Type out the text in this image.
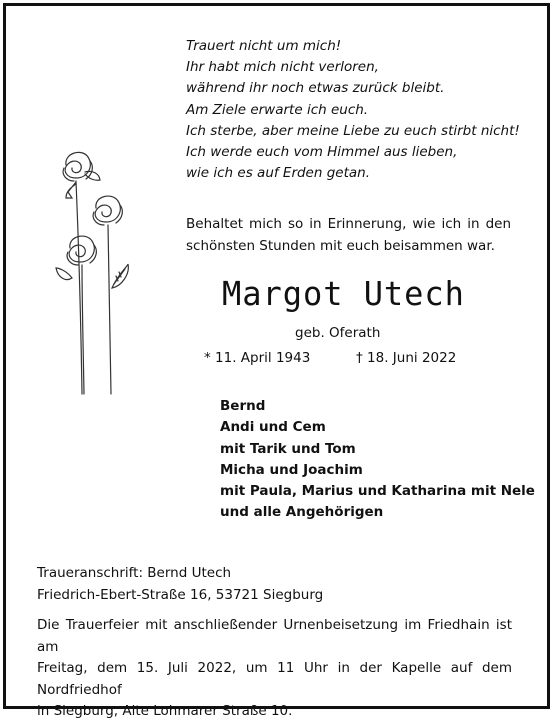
Trauert nicht um mich!
Ihr habt mich nicht verloren,
während ihr noch etwas zurück bleibt.
Am Ziele erwarte ich euch.
Ich sterbe, aber meine Liebe zu euch stirbt nicht!
Ich werde euch vom Himmel aus lieben,
wie ich es auf Erden getan.
Behaltet mich so in Erinnerung, wie ich in den
schönsten Stunden mit euch beisammen war.
Margot Utech
geb. Oferath
* 11. April 1943	† 18. Juni 2022
Bernd
Andi und Cem
mit Tarik und Tom
Micha und Joachim
mit Paula, Marius und Katharina mit Nele
und alle Angehörigen
Traueranschrift: Bernd Utech
Friedrich-Ebert-Straße 16, 53721 Siegburg
Die Trauerfeier mit anschließender Urnenbeisetzung im Friedhain ist am
Freitag, dem 15. Juli 2022, um 11 Uhr in der Kapelle auf dem Nordfriedhof
in Siegburg, Alte Lohmarer Straße 10.
